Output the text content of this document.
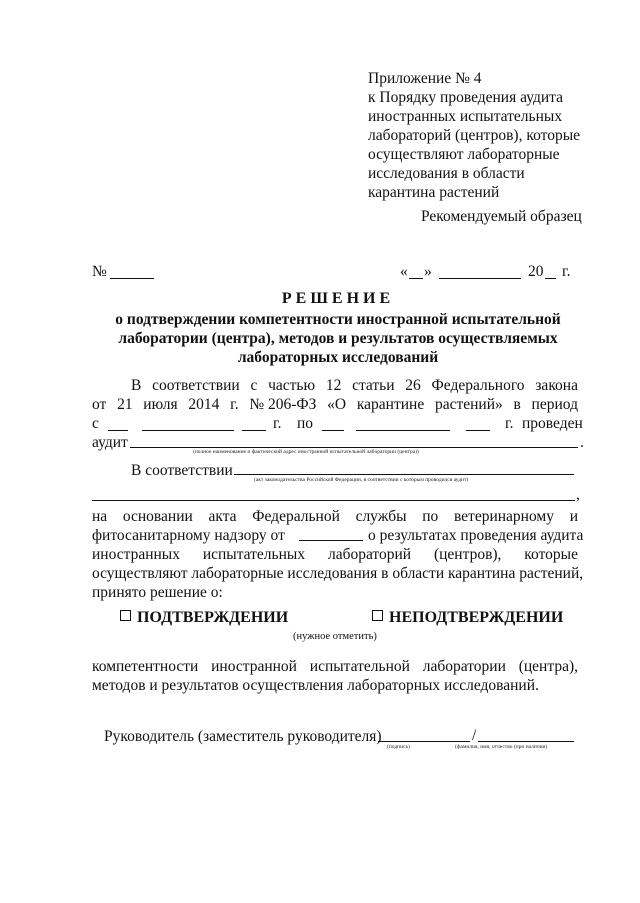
Приложение № 4
к Порядку проведения аудита
иностранных испытательных
лабораторий (центров), которые
осуществляют лабораторные
исследования в области
карантина растений
Рекомендуемый образец
№	« »	20 г.
РЕШЕНИЕ
о подтверждении компетентности иностранной испытательной
лаборатории (центра), методов и результатов осуществляемых
лабораторных исследований
В соответствии с частью 12 статьи 26 Федерального закона
от 21 июля 2014 г. № 206-ФЗ «О карантине растений» в период
с	г. по	г. проведен
аудит	.
(полное наименование и фактический адрес иностранной испытательной лаборатории (центра))
В соответствии
(акт законодательства Российской Федерации, в соответствии с которым проводился аудит)
,
на основании акта Федеральной службы по ветеринарному и
фитосанитарному надзору от	о результатах проведения аудита
иностранных испытательных лабораторий (центров), которые
осуществляют лабораторные исследования в области карантина растений,
принято решение о:
ПОДТВЕРЖДЕНИИ	НЕПОДТВЕРЖДЕНИИ
(нужное отметить)
компетентности иностранной испытательной лаборатории (центра),
методов и результатов осуществления лабораторных исследований.
Руководитель (заместитель руководителя)	/
(подпись)	(фамилия, имя, отчество (при наличии)
